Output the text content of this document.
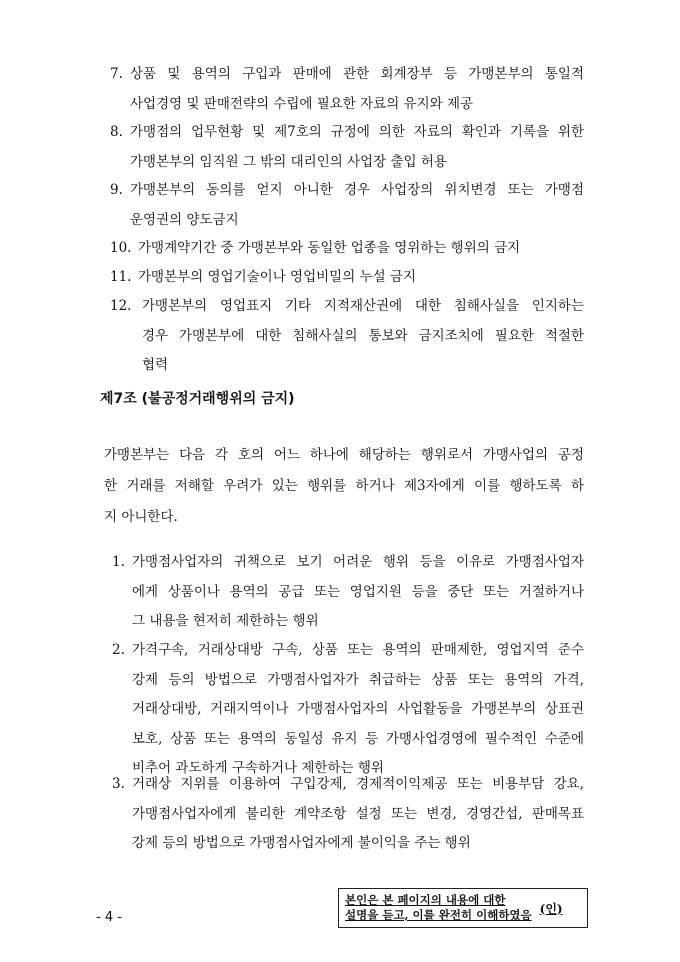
7. 상품 및 용역의 구입과 판매에 관한 회계장부 등 가맹본부의 통일적
사업경영 및 판매전략의 수립에 필요한 자료의 유지와 제공
8. 가맹점의 업무현황 및 제7호의 규정에 의한 자료의 확인과 기록을 위한
가맹본부의 임직원 그 밖의 대리인의 사업장 출입 허용
9. 가맹본부의 동의를 얻지 아니한 경우 사업장의 위치변경 또는 가맹점
운영권의 양도금지
10. 가맹계약기간 중 가맹본부와 동일한 업종을 영위하는 행위의 금지
11. 가맹본부의 영업기술이나 영업비밀의 누설 금지
12. 가맹본부의 영업표지 기타 지적재산권에 대한 침해사실을 인지하는
경우 가맹본부에 대한 침해사실의 통보와 금지조치에 필요한 적절한
협력
제7조 (불공정거래행위의 금지)
가맹본부는 다음 각 호의 어느 하나에 해당하는 행위로서 가맹사업의 공정
한 거래를 저해할 우려가 있는 행위를 하거나 제3자에게 이를 행하도록 하
지 아니한다.
1. 가맹점사업자의 귀책으로 보기 어려운 행위 등을 이유로 가맹점사업자
에게 상품이나 용역의 공급 또는 영업지원 등을 중단 또는 거절하거나
그 내용을 현저히 제한하는 행위
2. 가격구속, 거래상대방 구속, 상품 또는 용역의 판매제한, 영업지역 준수
강제 등의 방법으로 가맹점사업자가 취급하는 상품 또는 용역의 가격,
거래상대방, 거래지역이나 가맹점사업자의 사업활동을 가맹본부의 상표권
보호, 상품 또는 용역의 동일성 유지 등 가맹사업경영에 필수적인 수준에
비추어 과도하게 구속하거나 제한하는 행위
3. 거래상 지위를 이용하여 구입강제, 경제적이익제공 또는 비용부담 강요,
가맹점사업자에게 불리한 계약조항 설정 또는 변경, 경영간섭, 판매목표
강제 등의 방법으로 가맹점사업자에게 불이익을 주는 행위
- 4 -
본인은 본 페이지의 내용에 대한
설명을 듣고, 이를 완전히 이해하였음 (인)
